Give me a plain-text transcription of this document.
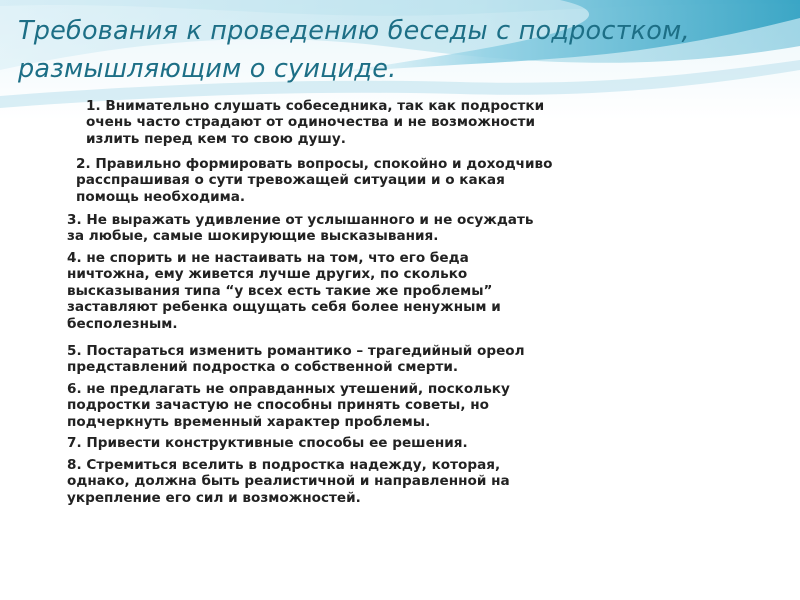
Требования к проведению беседы с подростком, размышляющим о суициде.

1. Внимательно слушать собеседника, так как подростки
очень часто страдают от одиночества и не возможности
излить перед кем то свою душу.

2. Правильно формировать вопросы, спокойно и доходчиво
расспрашивая о сути тревожащей ситуации и о какая
помощь необходима.

3. Не выражать удивление от услышанного и не осуждать
за любые, самые шокирующие высказывания.

4. не спорить и не настаивать на том, что его беда
ничтожна, ему живется лучше других, по сколько
высказывания типа “у всех есть такие же проблемы”
заставляют ребенка ощущать себя более ненужным и
бесполезным.

5. Постараться изменить романтико – трагедийный ореол
представлений подростка о собственной смерти.

6. не предлагать не оправданных утешений, поскольку
подростки зачастую не способны принять советы, но
подчеркнуть временный характер проблемы.

7. Привести конструктивные способы ее решения.

8. Стремиться вселить в подростка надежду, которая,
однако, должна быть реалистичной и направленной на
укрепление его сил и возможностей.
